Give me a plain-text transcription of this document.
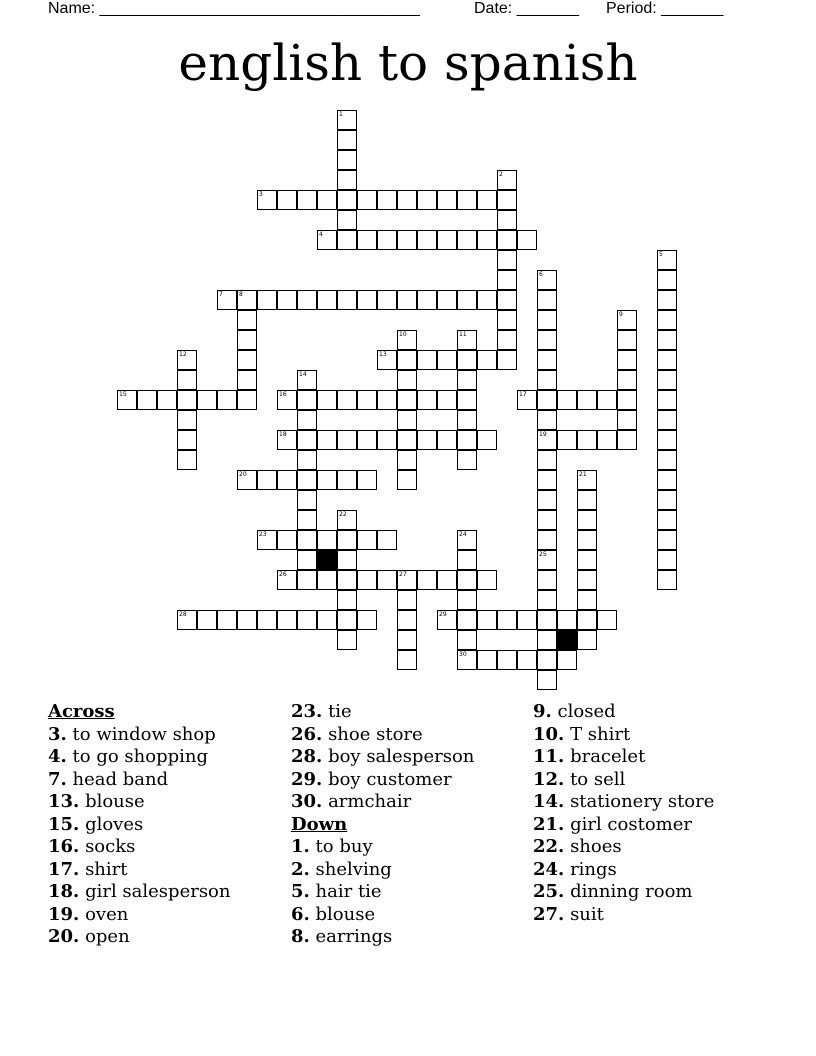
Name: ____________________________________	Date: _______ Period: _______
english to spanish
1
2
3
4
5
6
7	8
9
10	11
12	13
14
15	16	17
18	19
20	21
22
23	24
25
26	27
28	29
30
Across
3. to window shop
4. to go shopping
7. head band
13. blouse
15. gloves
16. socks
17. shirt
18. girl salesperson
19. oven
20. open
23. tie
26. shoe store
28. boy salesperson
29. boy customer
30. armchair
Down
1. to buy
2. shelving
5. hair tie
6. blouse
8. earrings
9. closed
10. T shirt
11. bracelet
12. to sell
14. stationery store
21. girl costomer
22. shoes
24. rings
25. dinning room
27. suit
